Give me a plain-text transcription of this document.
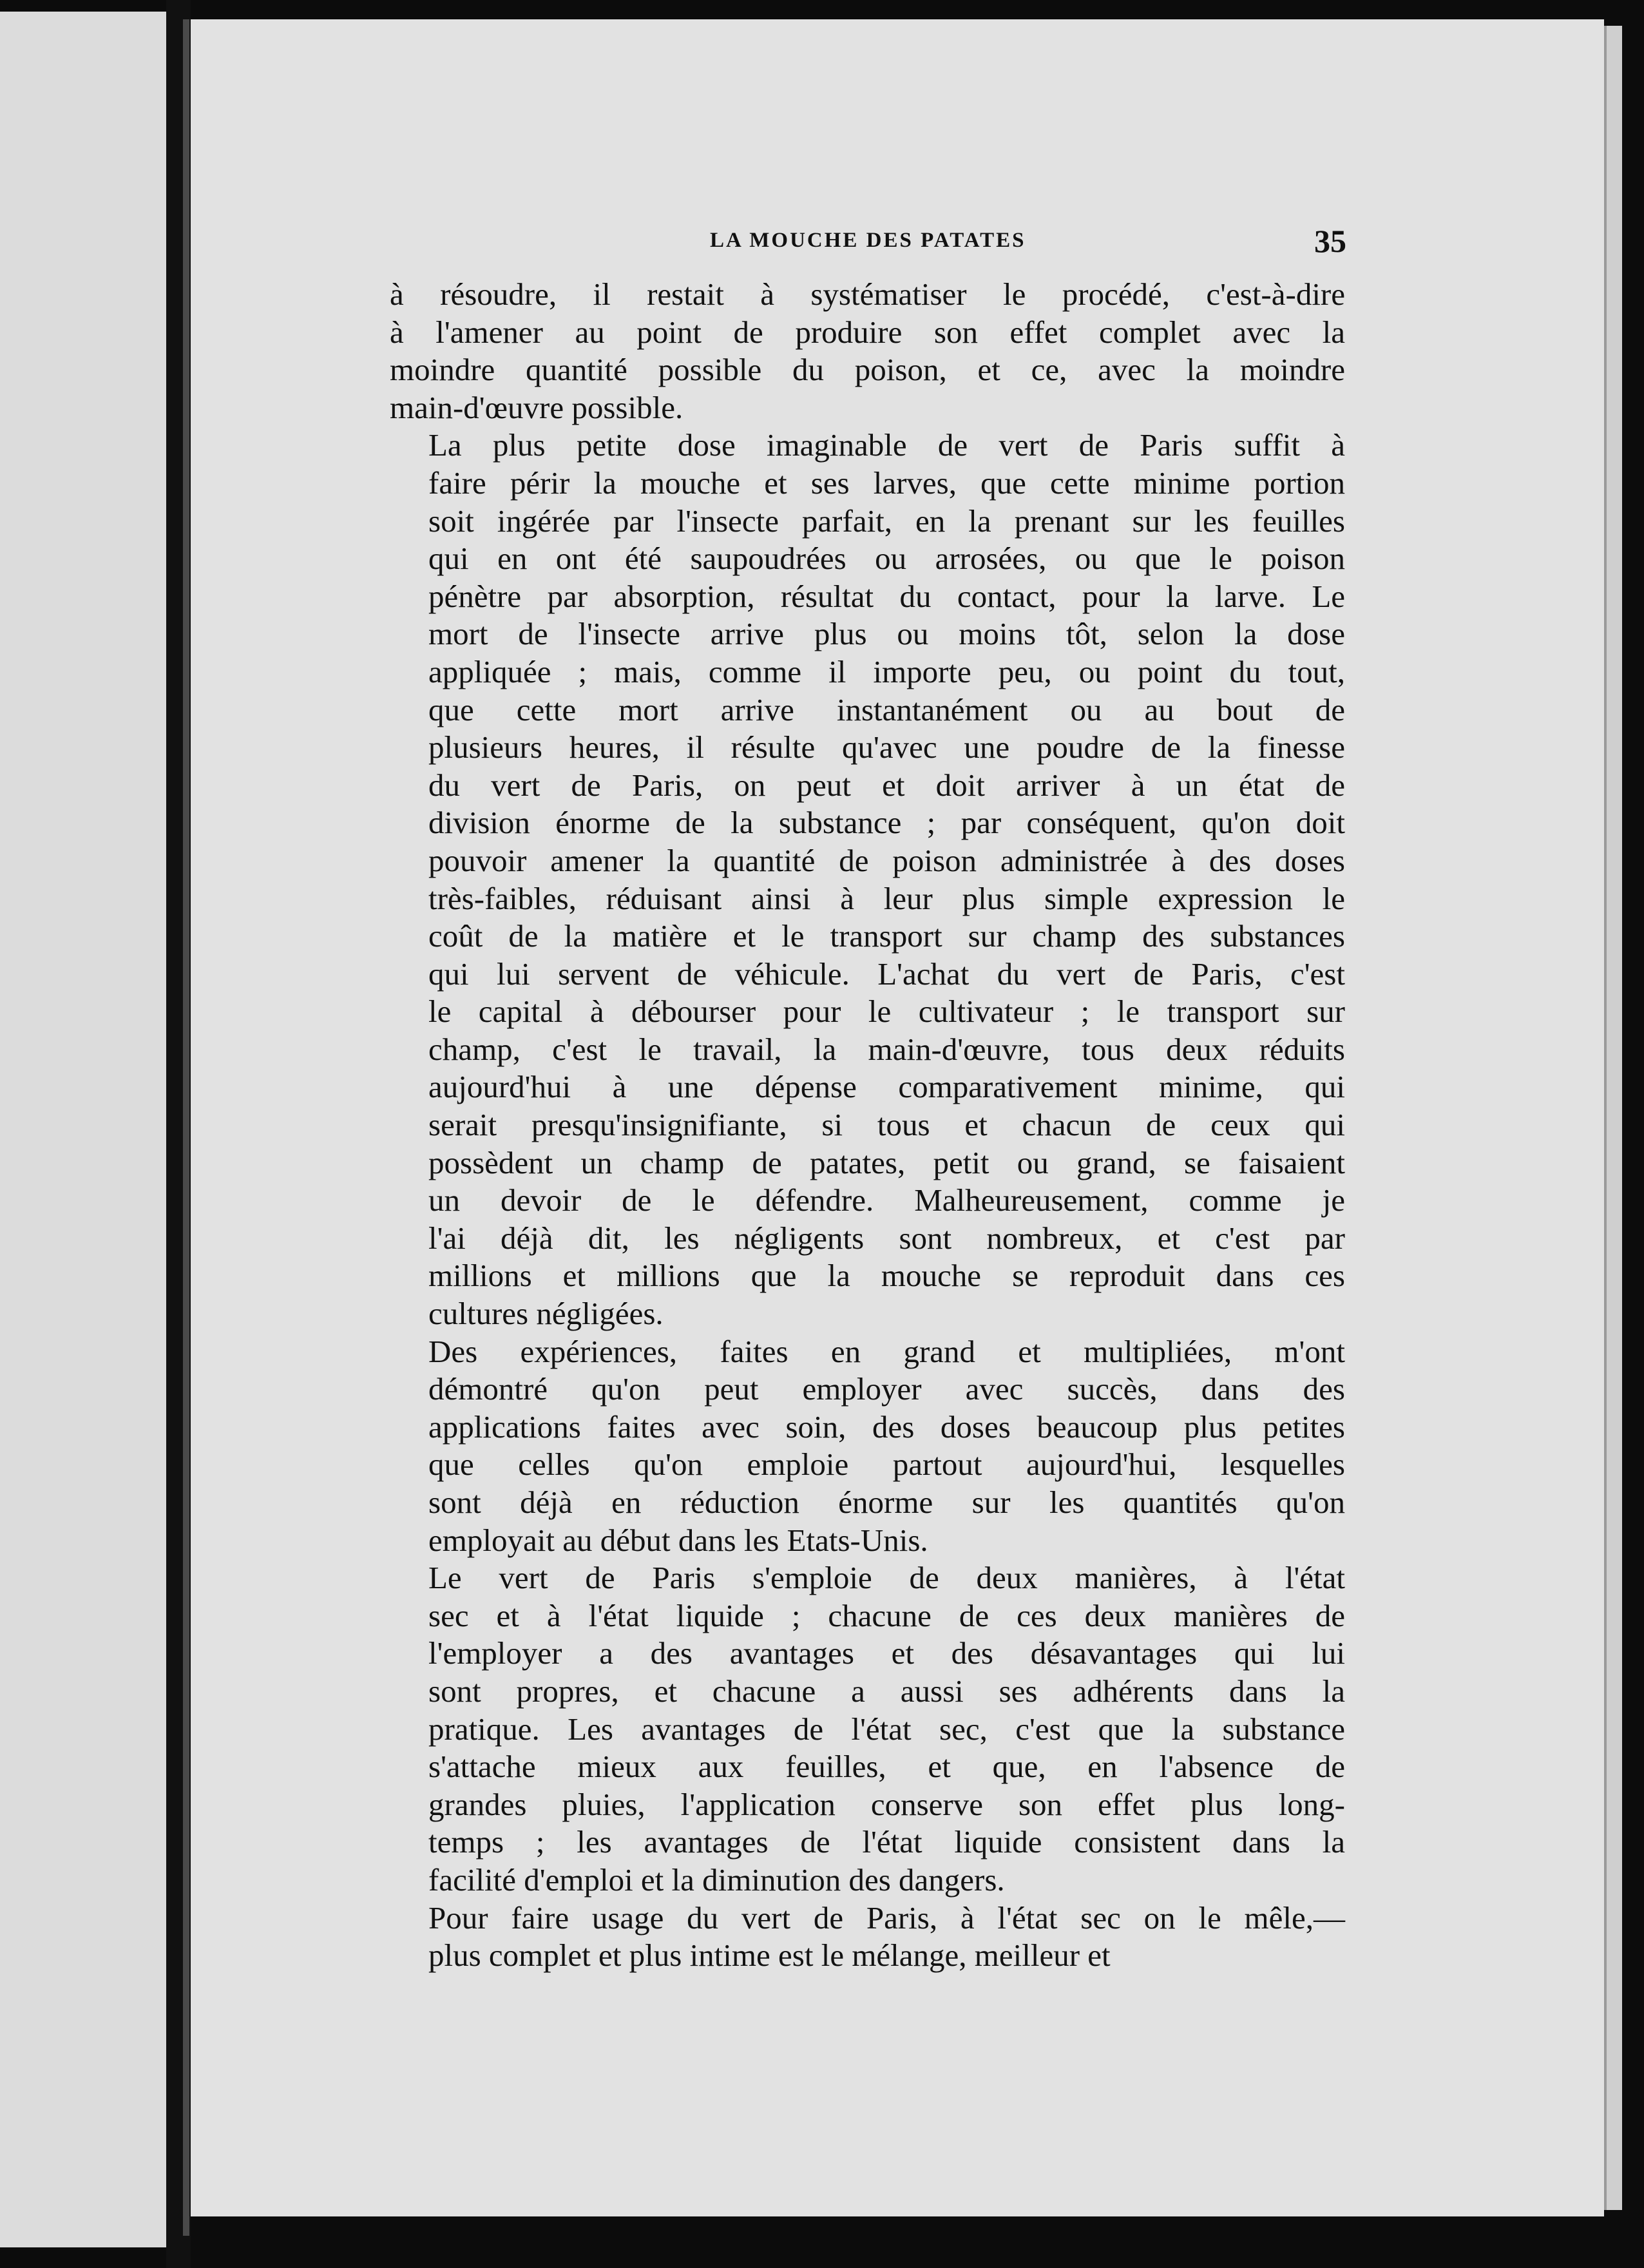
LA MOUCHE DES PATATES	35

à résoudre, il restait à systématiser le procédé, c'est-à-dire
à l'amener au point de produire son effet complet avec la
moindre quantité possible du poison, et ce, avec la moindre
main-d'œuvre possible.

La plus petite dose imaginable de vert de Paris suffit à
faire périr la mouche et ses larves, que cette minime portion
soit ingérée par l'insecte parfait, en la prenant sur les feuilles
qui en ont été saupoudrées ou arrosées, ou que le poison
pénètre par absorption, résultat du contact, pour la larve. Le
mort de l'insecte arrive plus ou moins tôt, selon la dose
appliquée ; mais, comme il importe peu, ou point du tout,
que cette mort arrive instantanément ou au bout de
plusieurs heures, il résulte qu'avec une poudre de la finesse
du vert de Paris, on peut et doit arriver à un état de
division énorme de la substance ; par conséquent, qu'on doit
pouvoir amener la quantité de poison administrée à des doses
très-faibles, réduisant ainsi à leur plus simple expression le
coût de la matière et le transport sur champ des substances
qui lui servent de véhicule. L'achat du vert de Paris, c'est
le capital à débourser pour le cultivateur ; le transport sur
champ, c'est le travail, la main-d'œuvre, tous deux réduits
aujourd'hui à une dépense comparativement minime, qui
serait presqu'insignifiante, si tous et chacun de ceux qui
possèdent un champ de patates, petit ou grand, se faisaient
un devoir de le défendre. Malheureusement, comme je
l'ai déjà dit, les négligents sont nombreux, et c'est par
millions et millions que la mouche se reproduit dans ces
cultures négligées.

Des expériences, faites en grand et multipliées, m'ont
démontré qu'on peut employer avec succès, dans des
applications faites avec soin, des doses beaucoup plus petites
que celles qu'on emploie partout aujourd'hui, lesquelles
sont déjà en réduction énorme sur les quantités qu'on
employait au début dans les Etats-Unis.

Le vert de Paris s'emploie de deux manières, à l'état
sec et à l'état liquide ; chacune de ces deux manières de
l'employer a des avantages et des désavantages qui lui
sont propres, et chacune a aussi ses adhérents dans la
pratique. Les avantages de l'état sec, c'est que la substance
s'attache mieux aux feuilles, et que, en l'absence de
grandes pluies, l'application conserve son effet plus long-
temps ; les avantages de l'état liquide consistent dans la
facilité d'emploi et la diminution des dangers.

Pour faire usage du vert de Paris, à l'état sec on le mêle,—
plus complet et plus intime est le mélange, meilleur et
